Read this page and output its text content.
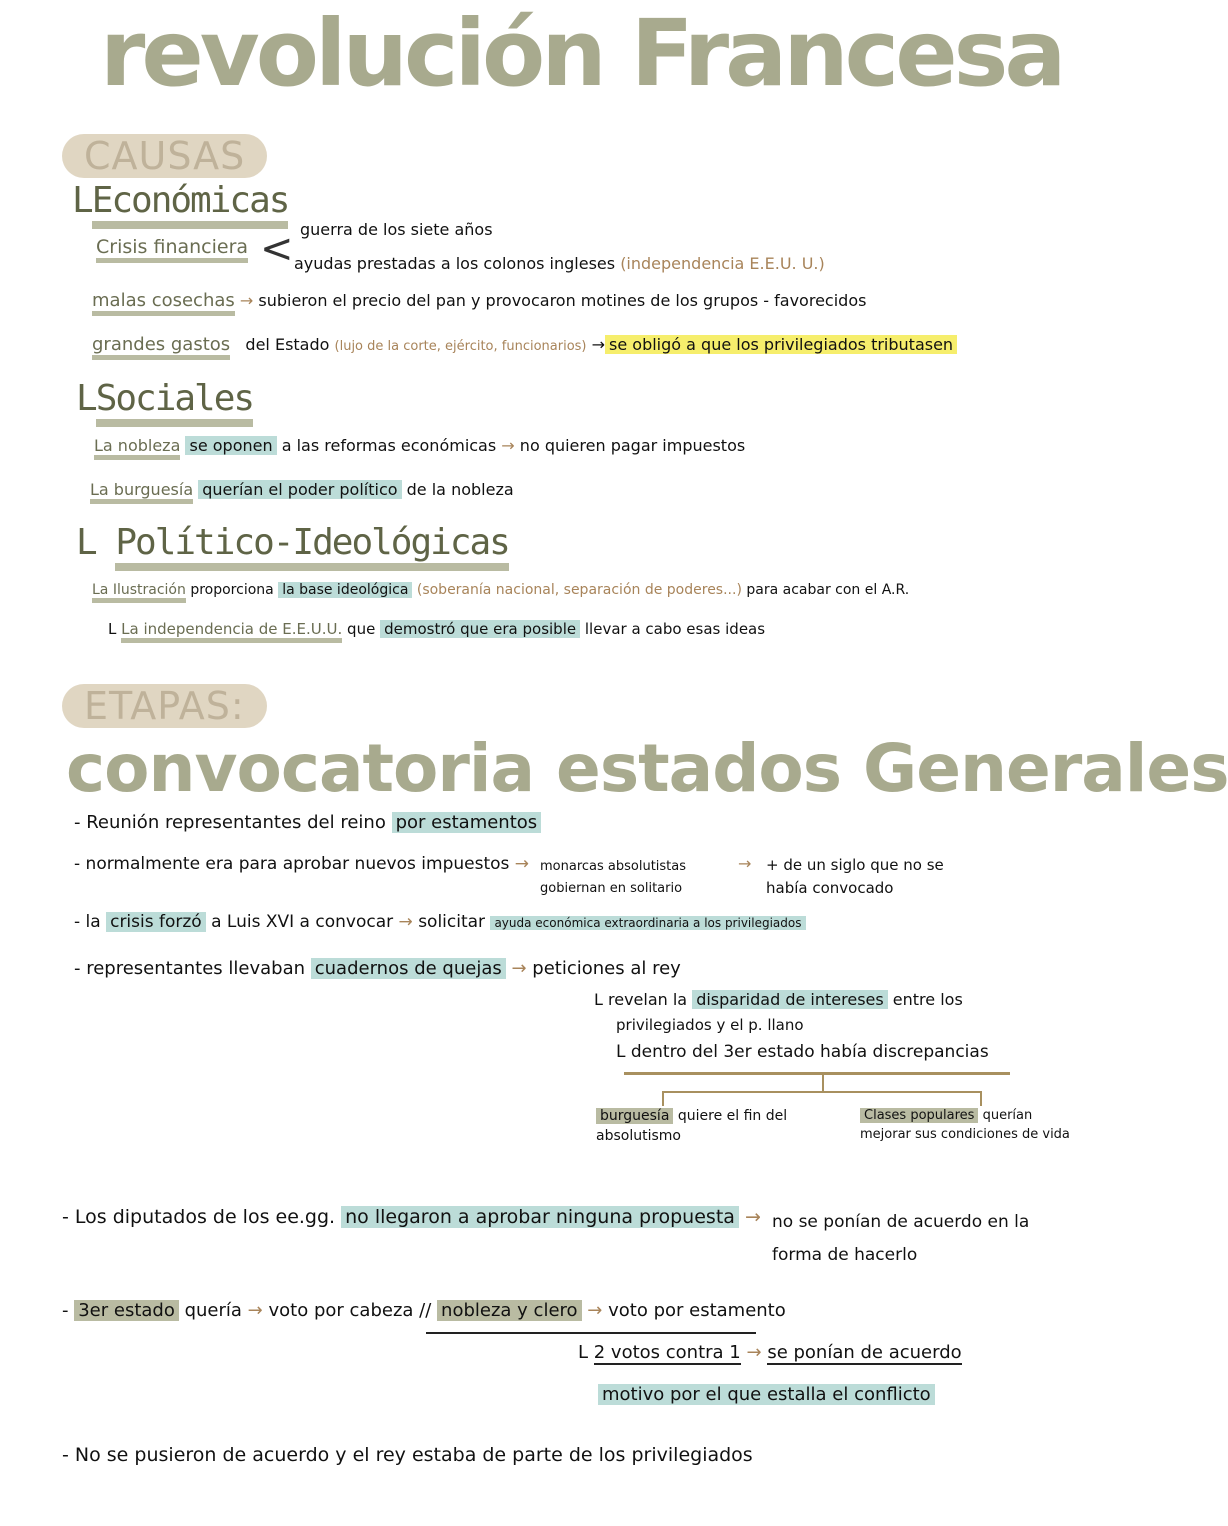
revolución Francesa
CAUSAS
LEconómicas
Crisis financiera < guerra de los siete años
ayudas prestadas a los colonos ingleses (independencia E.E.U. U.)
malas cosechas → subieron el precio del pan y provocaron motines de los grupos - favorecidos
grandes gastos del Estado (lujo de la corte, ejército, funcionarios) → se obligó a que los privilegiados tributasen
LSociales
La nobleza se oponen a las reformas económicas → no quieren pagar impuestos
La burguesía querían el poder político de la nobleza
L Político-Ideológicas
La Ilustración proporciona la base ideológica (soberanía nacional, separación de poderes...) para acabar con el A.R.
L La independencia de E.E.U.U. que demostró que era posible llevar a cabo esas ideas
ETAPAS:
convocatoria estados Generales
- Reunión representantes del reino por estamentos
- normalmente era para aprobar nuevos impuestos → monarcas absolutistas gobiernan en solitario
→ + de un siglo que no se había convocado
- la crisis forzó a Luis XVI a convocar → solicitar ayuda económica extraordinaria a los privilegiados
- representantes llevaban cuadernos de quejas → peticiones al rey
L revelan la disparidad de intereses entre los
privilegiados y el p. llano
L dentro del 3er estado había discrepancias
burguesía quiere el fin del absolutismo
Clases populares querían mejorar sus condiciones de vida
- Los diputados de los ee.gg. no llegaron a aprobar ninguna propuesta → no se ponían de acuerdo en la forma de hacerlo
- 3er estado quería → voto por cabeza // nobleza y clero → voto por estamento
L 2 votos contra 1 → se ponían de acuerdo
motivo por el que estalla el conflicto
- No se pusieron de acuerdo y el rey estaba de parte de los privilegiados
